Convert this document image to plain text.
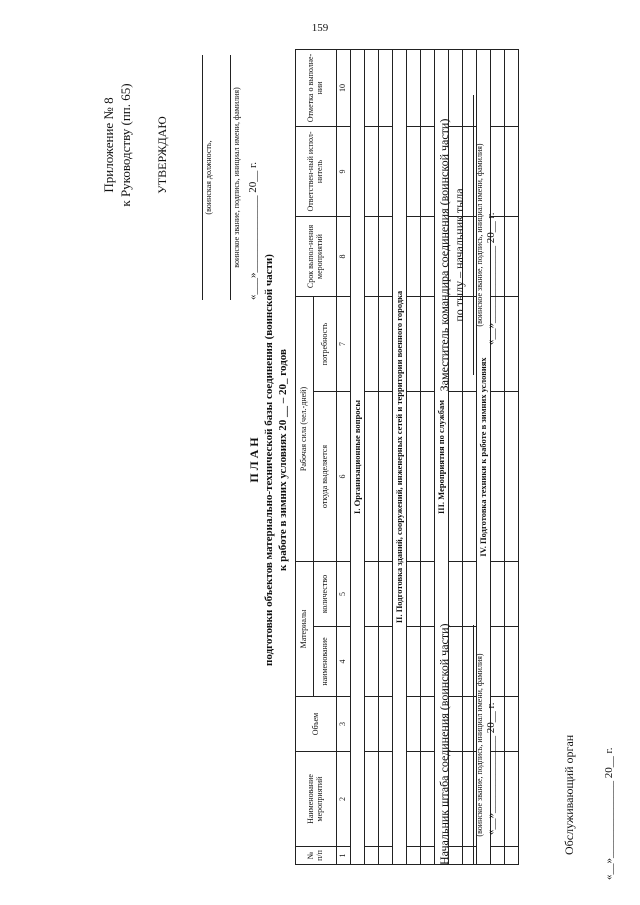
159
Приложение № 8 к Руководству (пп. 65) УТВЕРЖДАЮ	(воинская должность, воинское звание, подпись, инициал имени, фамилия)
«___»______________ 20__ г.
П Л А Н подготовки объектов материально-технической базы соединения (воинской части) к работе в зимних условиях 20 __ – 20_ годов
№ п/п	Наименование мероприятий	Объем	Материалы		Рабочая сила (чел.-дней)		Срок выпол-нения мероприятий	Ответствен-ный испол-нитель	Отметка о выполне-нии
			наименование	количество	откуда выделяется	потребность			
1	2	3	4	5	6	7	8	9	10
I. Организационные вопросы									

II. Подготовка зданий, сооружений, инженерных сетей и территории военного городка									

III. Мероприятия по службам									

IV. Подготовка техники к работе в зимних условиях									

Начальник штаба соединения (воинской части)	(воинское звание, подпись, инициал имени, фамилия) «__»______________ 20__ г.
Заместитель командира соединения (воинской части) по тылу – начальник тыла (воинское звание, подпись, инициал имени, фамилия)
«__»______________ 20__ г.
Обслуживающий орган
«__»______________ 20__ г.
